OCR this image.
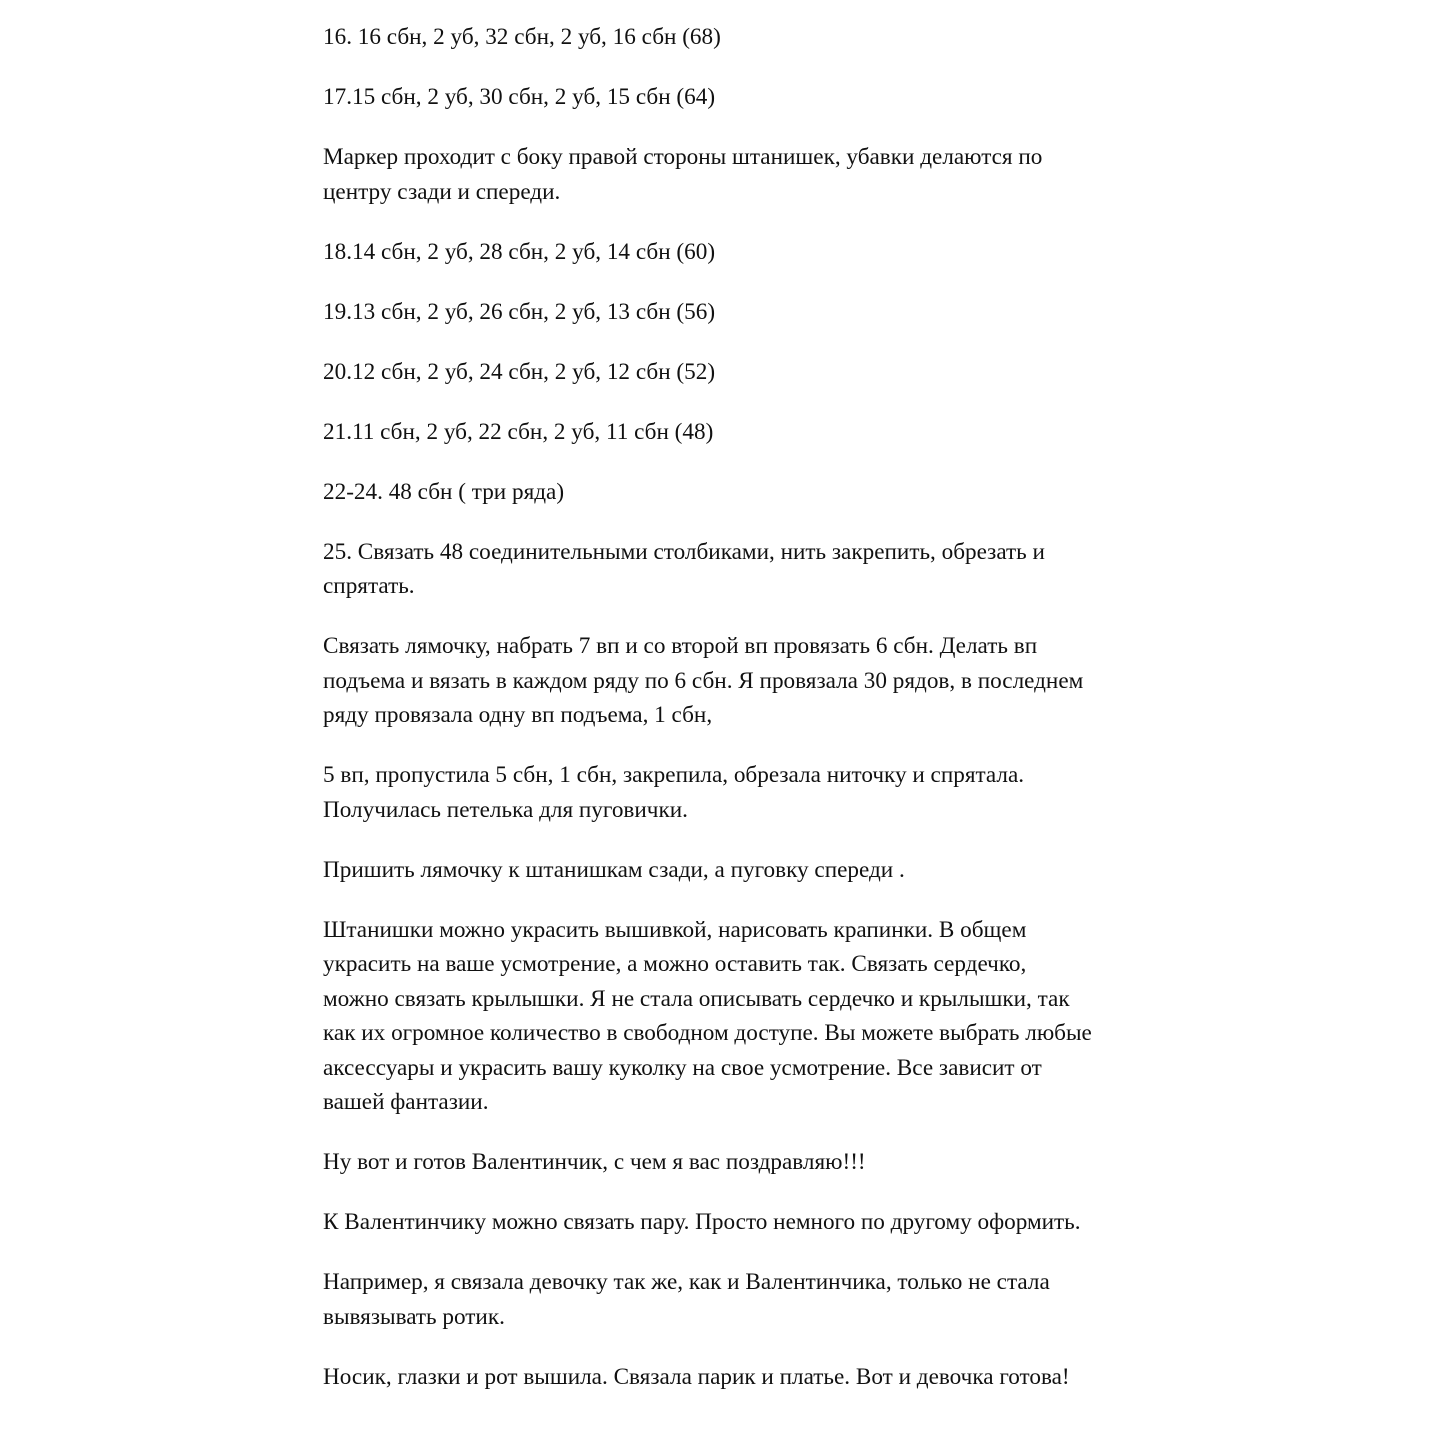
16. 16 сбн, 2 уб, 32 сбн, 2 уб, 16 сбн (68)

17.15 сбн, 2 уб, 30 сбн, 2 уб, 15 сбн (64)

Маркер проходит с боку правой стороны штанишек, убавки делаются по
центру сзади и спереди.

18.14 сбн, 2 уб, 28 сбн, 2 уб, 14 сбн (60)

19.13 сбн, 2 уб, 26 сбн, 2 уб, 13 сбн (56)

20.12 сбн, 2 уб, 24 сбн, 2 уб, 12 сбн (52)

21.11 сбн, 2 уб, 22 сбн, 2 уб, 11 сбн (48)

22-24. 48 сбн ( три ряда)

25. Связать 48 соединительными столбиками, нить закрепить, обрезать и
спрятать.

Связать лямочку, набрать 7 вп и со второй вп провязать 6 сбн. Делать вп
подъема и вязать в каждом ряду по 6 сбн. Я провязала 30 рядов, в последнем
ряду провязала одну вп подъема, 1 сбн,

5 вп, пропустила 5 сбн, 1 сбн, закрепила, обрезала ниточку и спрятала.
Получилась петелька для пуговички.

Пришить лямочку к штанишкам сзади, а пуговку спереди .

Штанишки можно украсить вышивкой, нарисовать крапинки. В общем
украсить на ваше усмотрение, а можно оставить так. Связать сердечко,
можно связать крылышки. Я не стала описывать сердечко и крылышки, так
как их огромное количество в свободном доступе. Вы можете выбрать любые
аксессуары и украсить вашу куколку на свое усмотрение. Все зависит от
вашей фантазии.

Ну вот и готов Валентинчик, с чем я вас поздравляю!!!

К Валентинчику можно связать пару. Просто немного по другому оформить.

Например, я связала девочку так же, как и Валентинчика, только не стала
вывязывать ротик.

Носик, глазки и рот вышила. Связала парик и платье. Вот и девочка готова!
